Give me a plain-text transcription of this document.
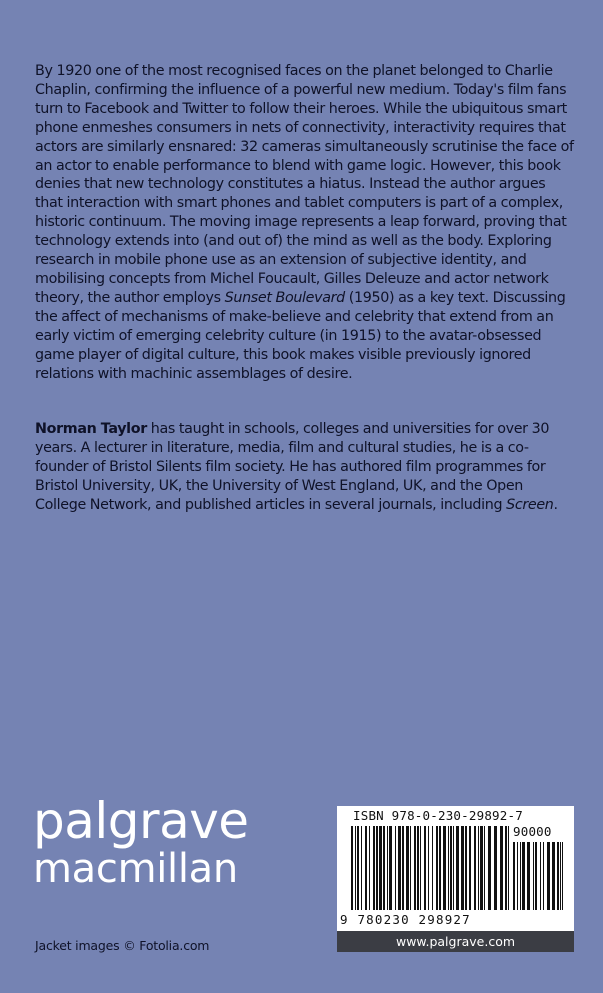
By 1920 one of the most recognised faces on the planet belonged to Charlie Chaplin, confirming the influence of a powerful new medium. Today's film fans turn to Facebook and Twitter to follow their heroes. While the ubiquitous smart phone enmeshes consumers in nets of connectivity, interactivity requires that actors are similarly ensnared: 32 cameras simultaneously scrutinise the face of an actor to enable performance to blend with game logic. However, this book denies that new technology constitutes a hiatus. Instead the author argues that interaction with smart phones and tablet computers is part of a complex, historic continuum. The moving image represents a leap forward, proving that technology extends into (and out of) the mind as well as the body. Exploring research in mobile phone use as an extension of subjective identity, and mobilising concepts from Michel Foucault, Gilles Deleuze and actor network theory, the author employs Sunset Boulevard (1950) as a key text. Discussing the affect of mechanisms of make-believe and celebrity that extend from an early victim of emerging celebrity culture (in 1915) to the avatar-obsessed game player of digital culture, this book makes visible previously ignored relations with machinic assemblages of desire.

Norman Taylor has taught in schools, colleges and universities for over 30 years. A lecturer in literature, media, film and cultural studies, he is a co-founder of Bristol Silents film society. He has authored film programmes for Bristol University, UK, the University of West England, UK, and the Open College Network, and published articles in several journals, including Screen.

palgrave
macmillan
Jacket images © Fotolia.com
ISBN 978-0-230-29892-7
90000
9 780230 298927
www.palgrave.com
